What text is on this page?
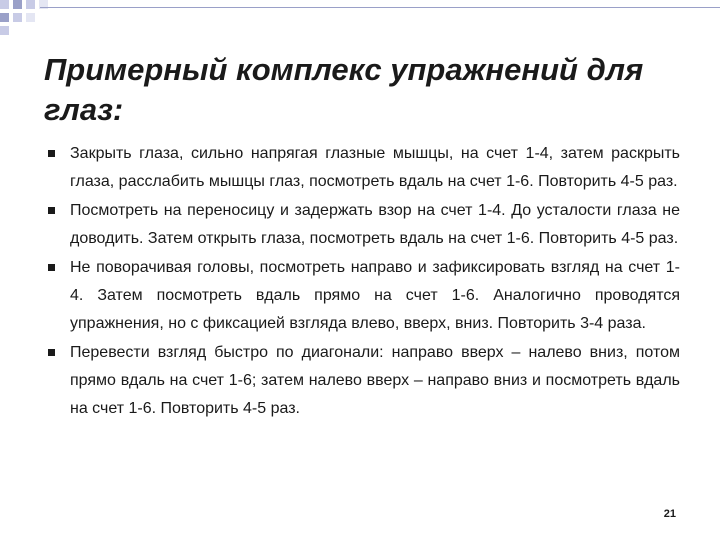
Примерный комплекс упражнений для глаз:
Закрыть глаза, сильно напрягая глазные мышцы, на счет 1-4, затем раскрыть глаза, расслабить мышцы глаз, посмотреть вдаль на счет 1-6. Повторить 4-5 раз.
Посмотреть на переносицу и задержать взор на счет 1-4. До усталости глаза не доводить. Затем открыть глаза, посмотреть вдаль на счет 1-6. Повторить 4-5 раз.
Не поворачивая головы, посмотреть направо и зафиксировать взгляд на счет 1-4. Затем посмотреть вдаль прямо на счет 1-6. Аналогично проводятся упражнения, но с фиксацией взгляда влево, вверх, вниз. Повторить 3-4 раза.
Перевести взгляд быстро по диагонали: направо вверх – налево вниз, потом прямо вдаль на счет 1-6; затем налево вверх – направо вниз и посмотреть вдаль на счет 1-6. Повторить 4-5 раз.
21
